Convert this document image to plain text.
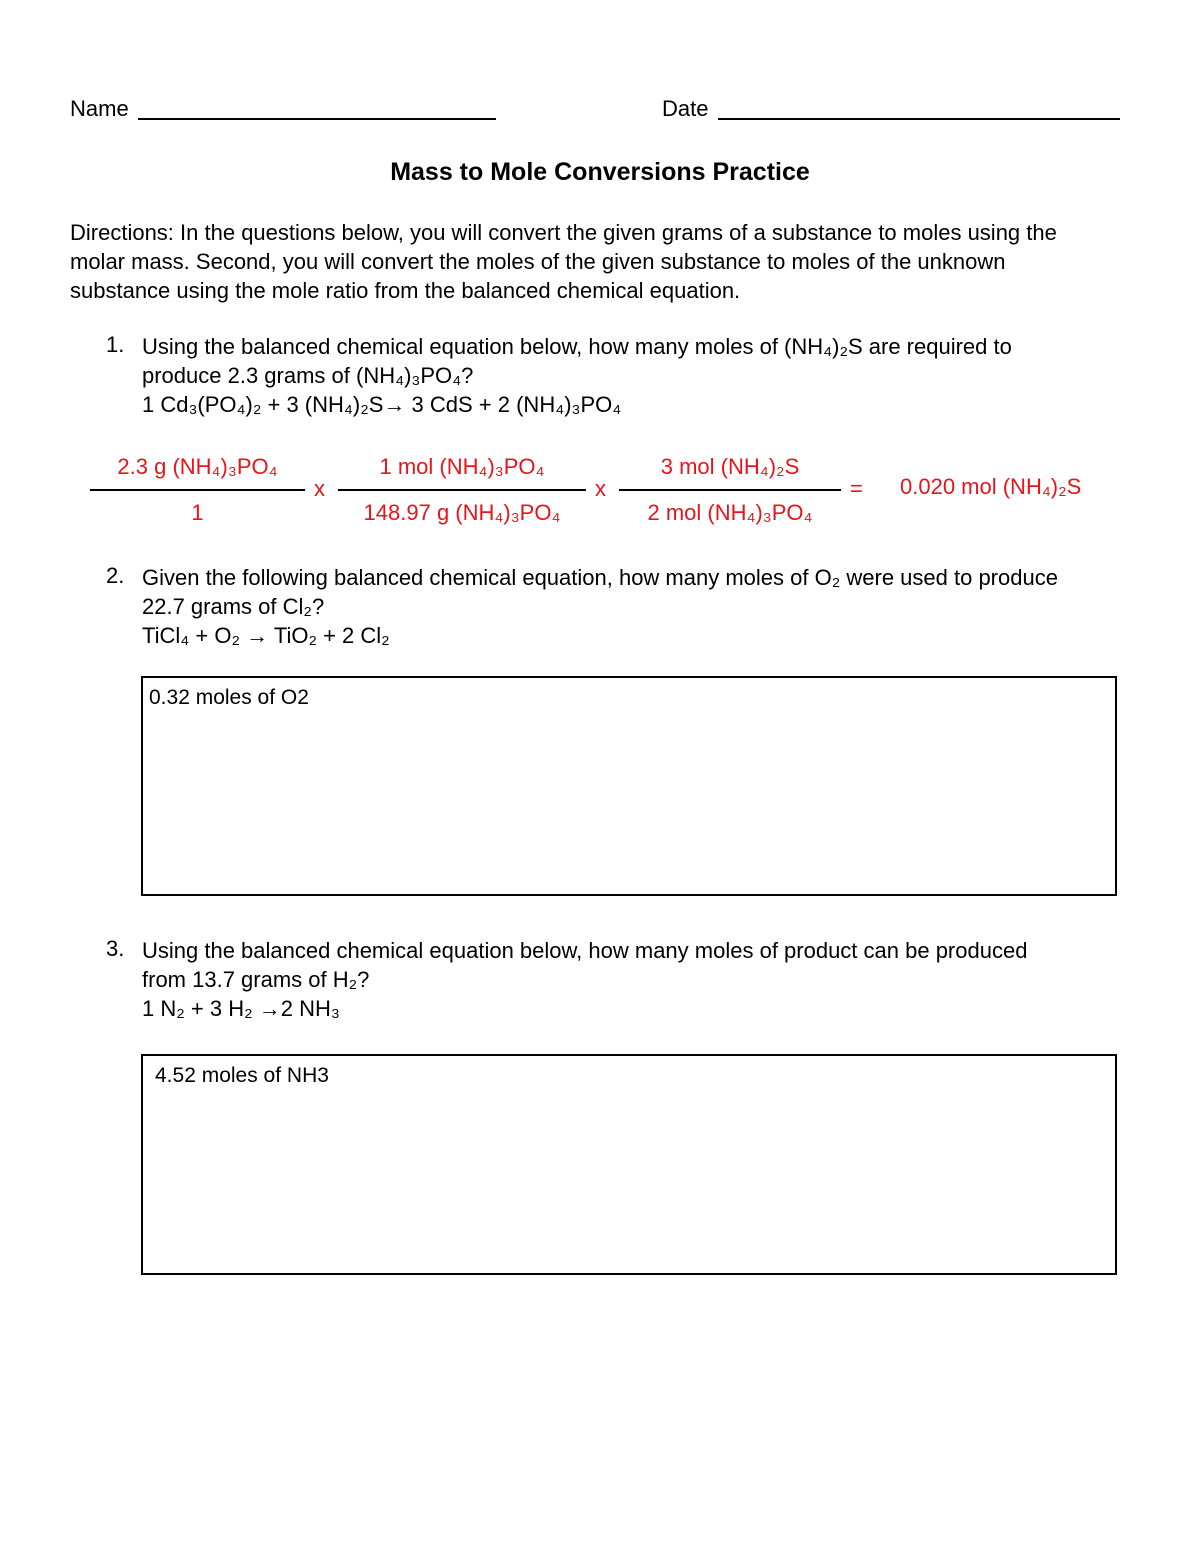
Name	Date
Mass to Mole Conversions Practice
Directions: In the questions below, you will convert the given grams of a substance to moles using the
molar mass. Second, you will convert the moles of the given substance to moles of the unknown
substance using the mole ratio from the balanced chemical equation.
1. Using the balanced chemical equation below, how many moles of (NH₄)₂S are required to
produce 2.3 grams of (NH₄)₃PO₄?
1 Cd₃(PO₄)₂ + 3 (NH₄)₂S→ 3 CdS + 2 (NH₄)₃PO₄
2.3 g (NH₄)₃PO₄
1
x
1 mol (NH₄)₃PO₄
148.97 g (NH₄)₃PO₄
x
3 mol (NH₄)₂S
2 mol (NH₄)₃PO₄
= 0.020 mol (NH₄)₂S
2. Given the following balanced chemical equation, how many moles of O₂ were used to produce
22.7 grams of Cl₂?
TiCl₄ + O₂ → TiO₂ + 2 Cl₂
0.32 moles of O2
3. Using the balanced chemical equation below, how many moles of product can be produced
from 13.7 grams of H₂?
1 N₂ + 3 H₂ →2 NH₃
4.52 moles of NH3
